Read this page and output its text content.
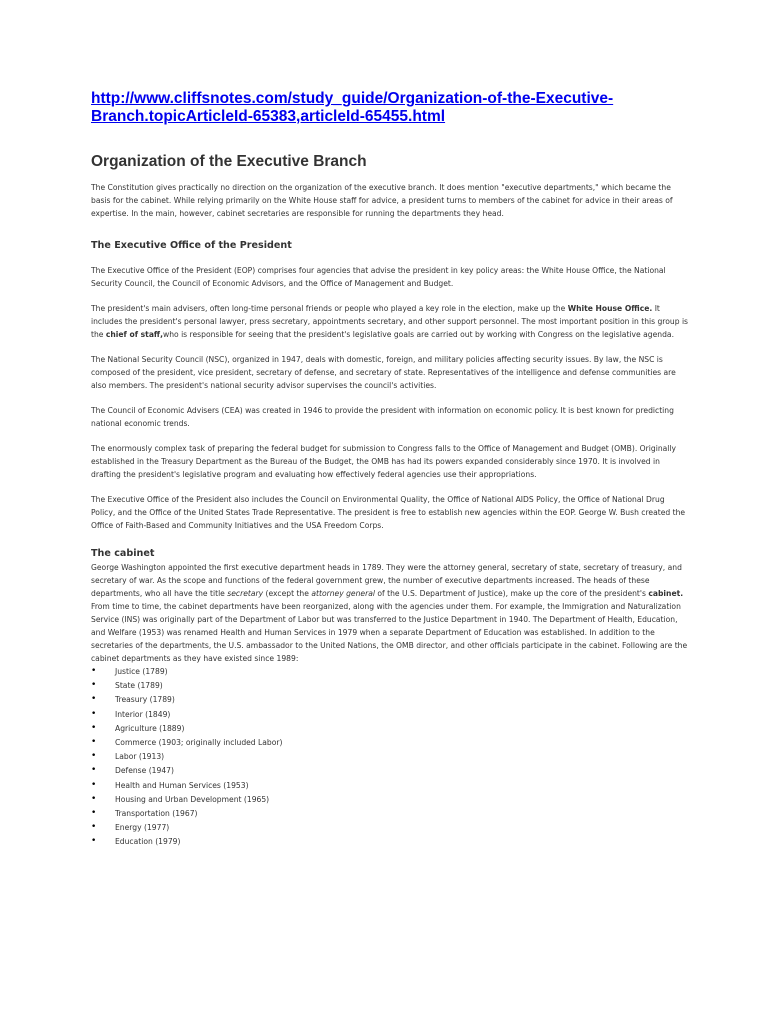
http://www.cliffsnotes.com/study_guide/Organization-of-the-Executive-
Branch.topicArticleId-65383,articleId-65455.html
Organization of the Executive Branch

The Constitution gives practically no direction on the organization of the executive branch. It does mention "executive departments," which became the basis for the cabinet. While relying primarily on the White House staff for advice, a president turns to members of the cabinet for advice in their areas of expertise. In the main, however, cabinet secretaries are responsible for running the departments they head.

The Executive Office of the President

The Executive Office of the President (EOP) comprises four agencies that advise the president in key policy areas: the White House Office, the National Security Council, the Council of Economic Advisors, and the Office of Management and Budget.

The president's main advisers, often long-time personal friends or people who played a key role in the election, make up the White House Office. It includes the president's personal lawyer, press secretary, appointments secretary, and other support personnel. The most important position in this group is the chief of staff,who is responsible for seeing that the president's legislative goals are carried out by working with Congress on the legislative agenda.

The National Security Council (NSC), organized in 1947, deals with domestic, foreign, and military policies affecting security issues. By law, the NSC is composed of the president, vice president, secretary of defense, and secretary of state. Representatives of the intelligence and defense communities are also members. The president's national security advisor supervises the council's activities.

The Council of Economic Advisers (CEA) was created in 1946 to provide the president with information on economic policy. It is best known for predicting national economic trends.

The enormously complex task of preparing the federal budget for submission to Congress falls to the Office of Management and Budget (OMB). Originally established in the Treasury Department as the Bureau of the Budget, the OMB has had its powers expanded considerably since 1970. It is involved in drafting the president's legislative program and evaluating how effectively federal agencies use their appropriations.

The Executive Office of the President also includes the Council on Environmental Quality, the Office of National AIDS Policy, the Office of National Drug Policy, and the Office of the United States Trade Representative. The president is free to establish new agencies within the EOP. George W. Bush created the Office of Faith-Based and Community Initiatives and the USA Freedom Corps.

The cabinet

George Washington appointed the first executive department heads in 1789. They were the attorney general, secretary of state, secretary of treasury, and secretary of war. As the scope and functions of the federal government grew, the number of executive departments increased. The heads of these departments, who all have the title secretary (except the attorney general of the U.S. Department of Justice), make up the core of the president's cabinet. From time to time, the cabinet departments have been reorganized, along with the agencies under them. For example, the Immigration and Naturalization Service (INS) was originally part of the Department of Labor but was transferred to the Justice Department in 1940. The Department of Health, Education, and Welfare (1953) was renamed Health and Human Services in 1979 when a separate Department of Education was established. In addition to the secretaries of the departments, the U.S. ambassador to the United Nations, the OMB director, and other officials participate in the cabinet. Following are the cabinet departments as they have existed since 1989:

• Justice (1789)
• State (1789)
• Treasury (1789)
• Interior (1849)
• Agriculture (1889)
• Commerce (1903; originally included Labor)
• Labor (1913)
• Defense (1947)
• Health and Human Services (1953)
• Housing and Urban Development (1965)
• Transportation (1967)
• Energy (1977)
• Education (1979)
